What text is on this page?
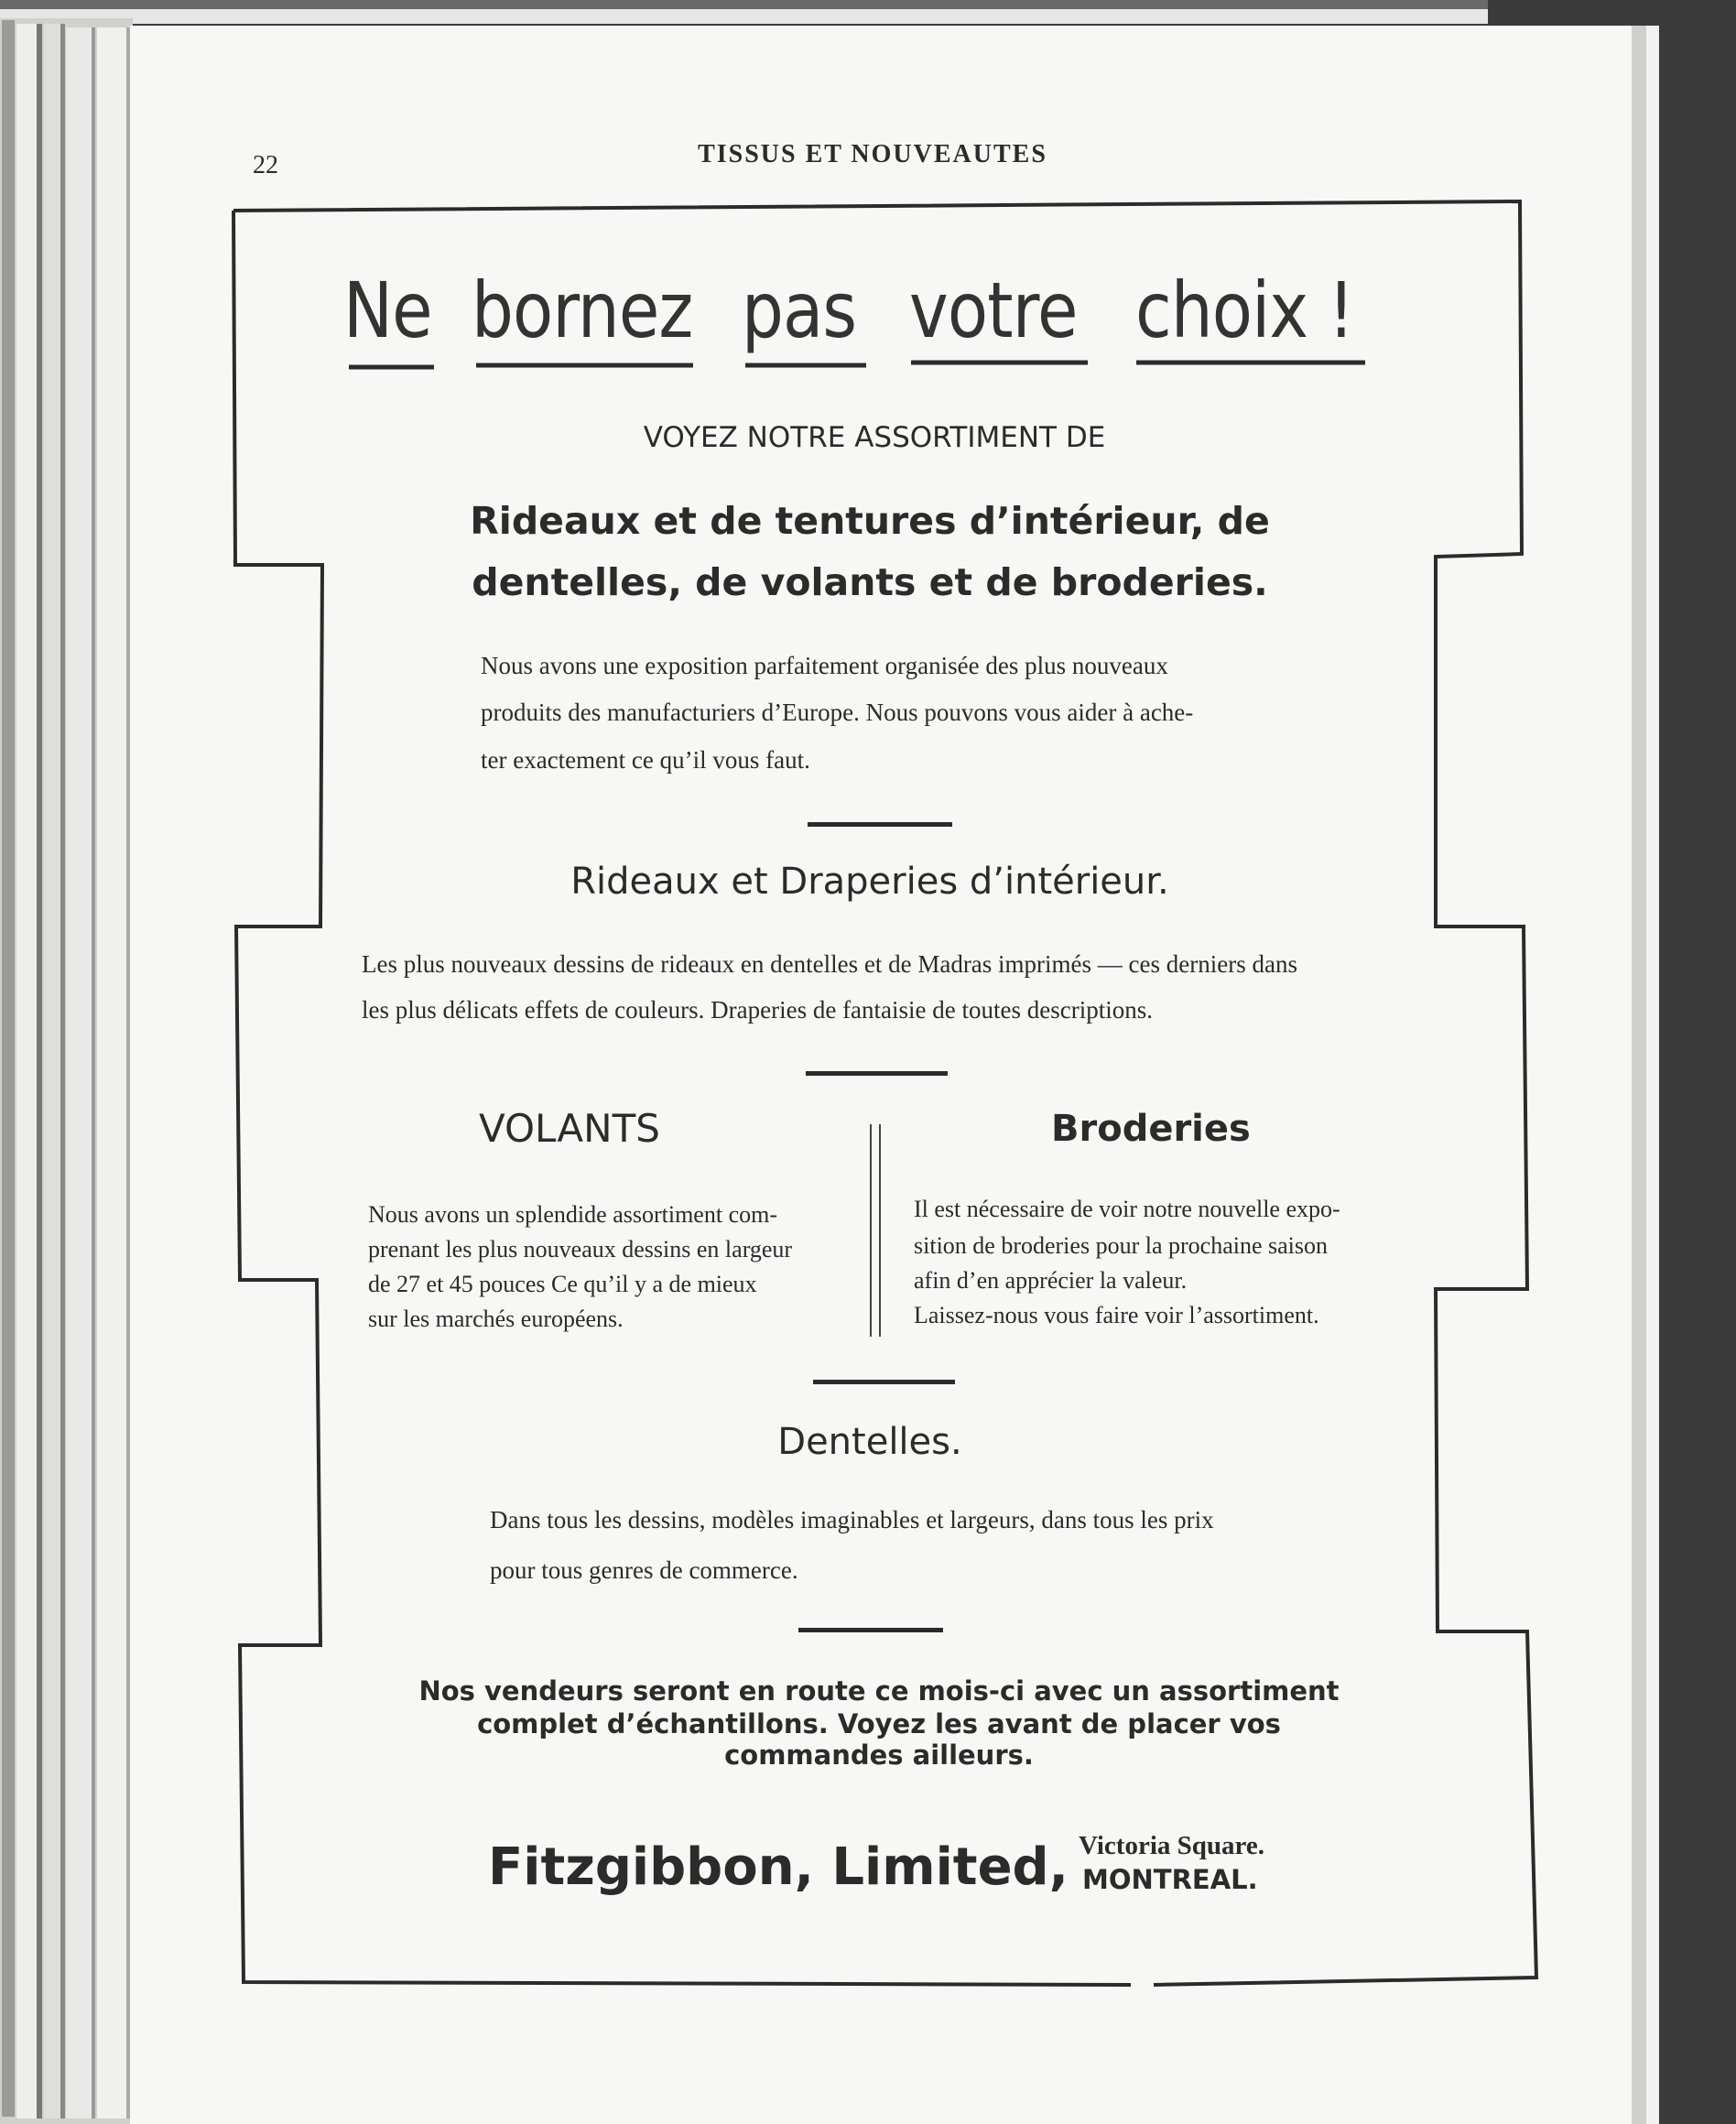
22	TISSUS ET NOUVEAUTES
Ne bornez pas votre choix !
VOYEZ NOTRE ASSORTIMENT DE
Rideaux et de tentures d’intérieur, de
dentelles, de volants et de broderies.
Nous avons une exposition parfaitement organisée des plus nouveaux
produits des manufacturiers d’Europe. Nous pouvons vous aider à ache-
ter exactement ce qu’il vous faut.
Rideaux et Draperies d’intérieur.
Les plus nouveaux dessins de rideaux en dentelles et de Madras imprimés — ces derniers dans
les plus délicats effets de couleurs. Draperies de fantaisie de toutes descriptions.
VOLANTS
Nous avons un splendide assortiment com-
prenant les plus nouveaux dessins en largeur
de 27 et 45 pouces Ce qu’il y a de mieux
sur les marchés européens.
Broderies
Il est nécessaire de voir notre nouvelle expo-
sition de broderies pour la prochaine saison
afin d’en apprécier la valeur.
Laissez-nous vous faire voir l’assortiment.
Dentelles.
Dans tous les dessins, modèles imaginables et largeurs, dans tous les prix
pour tous genres de commerce.
Nos vendeurs seront en route ce mois-ci avec un assortiment
complet d’échantillons. Voyez les avant de placer vos
commandes ailleurs.
Fitzgibbon, Limited, Victoria Square.
MONTREAL.
